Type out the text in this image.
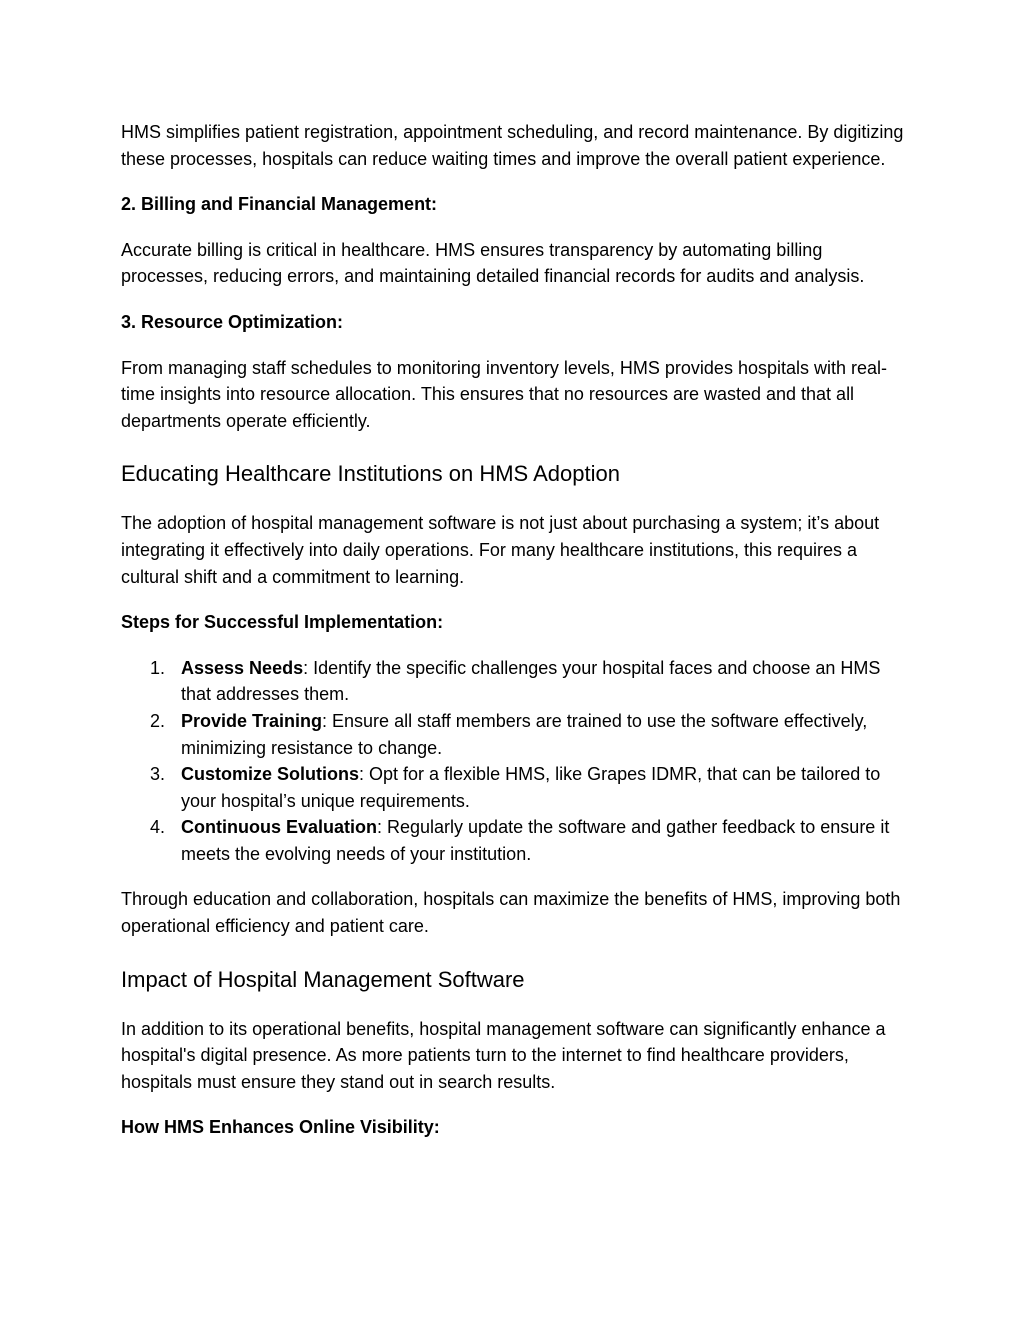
HMS simplifies patient registration, appointment scheduling, and record maintenance. By digitizing these processes, hospitals can reduce waiting times and improve the overall patient experience.

2. Billing and Financial Management:

Accurate billing is critical in healthcare. HMS ensures transparency by automating billing processes, reducing errors, and maintaining detailed financial records for audits and analysis.

3. Resource Optimization:

From managing staff schedules to monitoring inventory levels, HMS provides hospitals with real-time insights into resource allocation. This ensures that no resources are wasted and that all departments operate efficiently.

Educating Healthcare Institutions on HMS Adoption

The adoption of hospital management software is not just about purchasing a system; it’s about integrating it effectively into daily operations. For many healthcare institutions, this requires a cultural shift and a commitment to learning.

Steps for Successful Implementation:

1. Assess Needs: Identify the specific challenges your hospital faces and choose an HMS that addresses them.
2. Provide Training: Ensure all staff members are trained to use the software effectively, minimizing resistance to change.
3. Customize Solutions: Opt for a flexible HMS, like Grapes IDMR, that can be tailored to your hospital’s unique requirements.
4. Continuous Evaluation: Regularly update the software and gather feedback to ensure it meets the evolving needs of your institution.

Through education and collaboration, hospitals can maximize the benefits of HMS, improving both operational efficiency and patient care.

Impact of Hospital Management Software

In addition to its operational benefits, hospital management software can significantly enhance a hospital's digital presence. As more patients turn to the internet to find healthcare providers, hospitals must ensure they stand out in search results.

How HMS Enhances Online Visibility:
